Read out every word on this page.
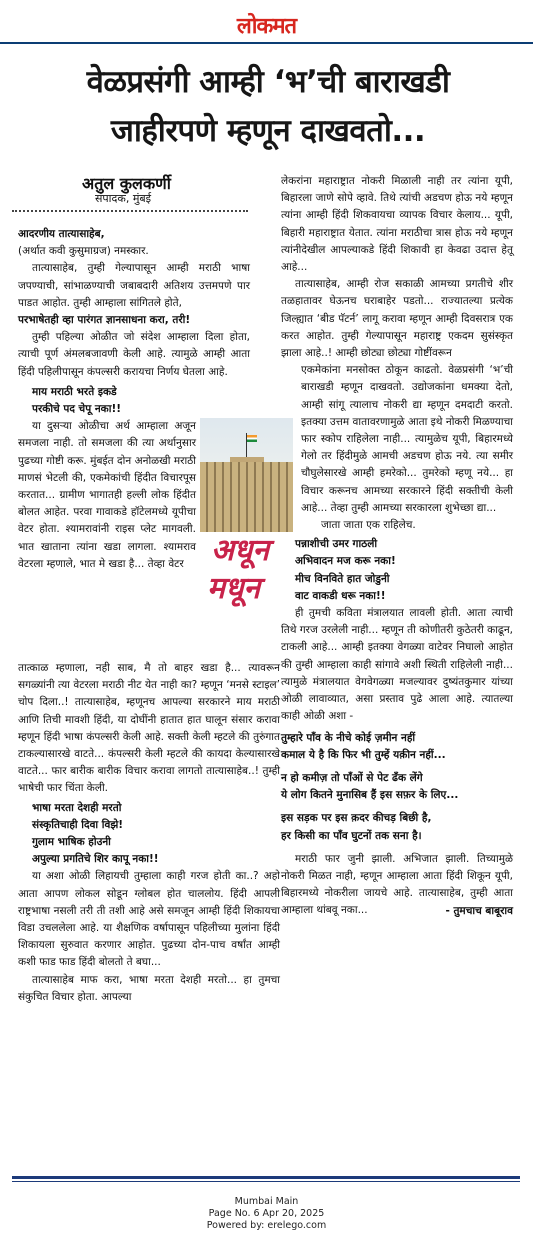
लोकमत
वेळप्रसंगी आम्ही ‘भ’ची बाराखडी
जाहीरपणे म्हणून दाखवतो...
अतुल कुलकर्णी
संपादक, मुंबई

आदरणीय तात्यासाहेब,

(अर्थात कवी कुसुमाग्रज) नमस्कार.

तात्यासाहेब, तुम्ही गेल्यापासून आम्ही मराठी भाषा जपण्याची, सांभाळण्याची जबाबदारी अतिशय उत्तमपणे पार पाडत आहोत. तुम्ही आम्हाला सांगितले होते,

परभाषेतही व्हा पारंगत ज्ञानसाधना करा, तरी!

तुम्ही पहिल्या ओळीत जो संदेश आम्हाला दिला होता, त्याची पूर्ण अंमलबजावणी केली आहे. त्यामुळे आम्ही आता हिंदी पहिलीपासून कंपल्सरी करायचा निर्णय घेतला आहे.

माय मराठी भरते इकडे

परकीचे पद चेपू नका!!

या दुसऱ्या ओळीचा अर्थ आम्हाला अजून समजला नाही. तो समजला की त्या अर्थानुसार पुढच्या गोष्टी करू. मुंबईत दोन अनोळखी मराठी माणसं भेटली की, एकमेकांची हिंदीत विचारपूस करतात... ग्रामीण भागातही हल्ली लोक हिंदीत बोलत आहेत. परवा गावाकडे हॉटेलमध्ये यूपीचा वेटर होता. श्यामरावांनी राइस प्लेट मागवली. भात खाताना त्यांना खडा लागला. श्यामराव वेटरला म्हणाले, भात मे खडा है... तेव्हा वेटर अधून
मधून

तात्काळ म्हणाला, नही साब, मै तो बाहर खडा है... त्यावरून सगळ्यांनी त्या वेटरला मराठी नीट येत नाही का? म्हणून ‘मनसे स्टाइल’ चोप दिला..! तात्यासाहेब, म्हणूनच आपल्या सरकारने माय मराठी आणि तिची मावशी हिंदी, या दोघींनी हातात हात घालून संसार करावा म्हणून हिंदी भाषा कंपल्सरी केली आहे. सक्ती केली म्हटले की तुरुंगात टाकल्यासारखे वाटते... कंपल्सरी केली म्हटले की कायदा केल्यासारखे वाटते... फार बारीक बारीक विचार करावा लागतो तात्यासाहेब..! तुम्ही भाषेची फार चिंता केली.

भाषा मरता देशही मरतो

संस्कृतिचाही दिवा विझे!

गुलाम भाषिक होउनी

अपुल्या प्रगतिचे शिर कापू नका!!

या अशा ओळी लिहायची तुम्हाला काही गरज होती का..? अहो आता आपण लोकल सोडून ग्लोबल होत चाललोय. हिंदी आपली राष्ट्रभाषा नसली तरी ती तशी आहे असे समजून आम्ही हिंदी शिकायचा विडा उचललेला आहे. या शैक्षणिक वर्षापासून पहिलीच्या मुलांना हिंदी शिकायला सुरुवात करणार आहोत. पुढच्या दोन-पाच वर्षांत आम्ही कशी फाड फाड हिंदी बोलतो ते बघा...

तात्यासाहेब माफ करा, भाषा मरता देशही मरतो... हा तुमचा संकुचित विचार होता. आपल्या

लेकरांना महाराष्ट्रात नोकरी मिळाली नाही तर त्यांना यूपी, बिहारला जाणे सोपे व्हावे. तिथे त्यांची अडचण होऊ नये म्हणून त्यांना आम्ही हिंदी शिकवायचा व्यापक विचार केलाय... यूपी, बिहारी महाराष्ट्रात येतात. त्यांना मराठीचा त्रास होऊ नये म्हणून त्यांनीदेखील आपल्याकडे हिंदी शिकावी हा केवढा उदात्त हेतू आहे...

तात्यासाहेब, आम्ही रोज सकाळी आमच्या प्रगतीचे शीर तळहातावर घेऊनच घराबाहेर पडतो... राज्यातल्या प्रत्येक जिल्ह्यात ‘बीड पॅटर्न’ लागू करावा म्हणून आम्ही दिवसरात्र एक करत आहोत. तुम्ही गेल्यापासून महाराष्ट्र एकदम सुसंस्कृत झाला आहे..! आम्ही छोट्या छोट्या गोष्टींवरून

एकमेकांना मनसोक्त ठोकून काढतो. वेळप्रसंगी ‘भ’ची बाराखडी म्हणून दाखवतो. उद्योजकांना धमक्या देतो, आम्ही सांगू त्यालाच नोकरी द्या म्हणून दमदाटी करतो. इतक्या उत्तम वातावरणामुळे आता इथे नोकरी मिळण्याचा फार स्कोप राहिलेला नाही... त्यामुळेच यूपी, बिहारमध्ये गेलो तर हिंदीमुळे आमची अडचण होऊ नये. त्या समीर चौघुलेसारखे आम्ही हमरेको... तुमरेको म्हणू नये... हा विचार करूनच आमच्या सरकारने हिंदी सक्तीची केली आहे... तेव्हा तुम्ही आमच्या सरकारला शुभेच्छा द्या...

जाता जाता एक राहिलेच.

पन्नाशीची उमर गाठली

अभिवादन मज करू नका!

मीच विनविते हात जोडुनी

वाट वाकडी धरू नका!!

ही तुमची कविता मंत्रालयात लावली होती. आता त्याची तिथे गरज उरलेली नाही... म्हणून ती कोणीतरी कुठेतरी काढून, टाकली आहे... आम्ही इतक्या वेगळ्या वाटेवर निघालो आहोत की तुम्ही आम्हाला काही सांगावे अशी स्थिती राहिलेली नाही... त्यामुळे मंत्रालयात वेगवेगळ्या मजल्यावर दुष्यंतकुमार यांच्या ओळी लावाव्यात, असा प्रस्ताव पुढे आला आहे. त्यातल्या काही ओळी अशा -

तुम्हारे पाँव के नीचे कोई ज़मीन नहीं
कमाल ये है कि फिर भी तुम्हें यक़ीन नहीं...
न हो कमीज़ तो पाँओं से पेट ढँक लेंगे
ये लोग कितने मुनासिब हैं इस सफ़र के लिए...
इस सड़क पर इस क़दर कीचड़ बिछी है,
हर किसी का पाँव घुटनों तक सना है।

मराठी फार जुनी झाली. अभिजात झाली. तिच्यामुळे नोकरी मिळत नाही, म्हणून आम्हाला आता हिंदी शिकून यूपी, बिहारमध्ये नोकरीला जायचे आहे. तात्यासाहेब, तुम्ही आता आम्हाला थांबवू नका...	- तुमचाच बाबूराव

Mumbai Main
Page No. 6 Apr 20, 2025
Powered by: erelego.com
